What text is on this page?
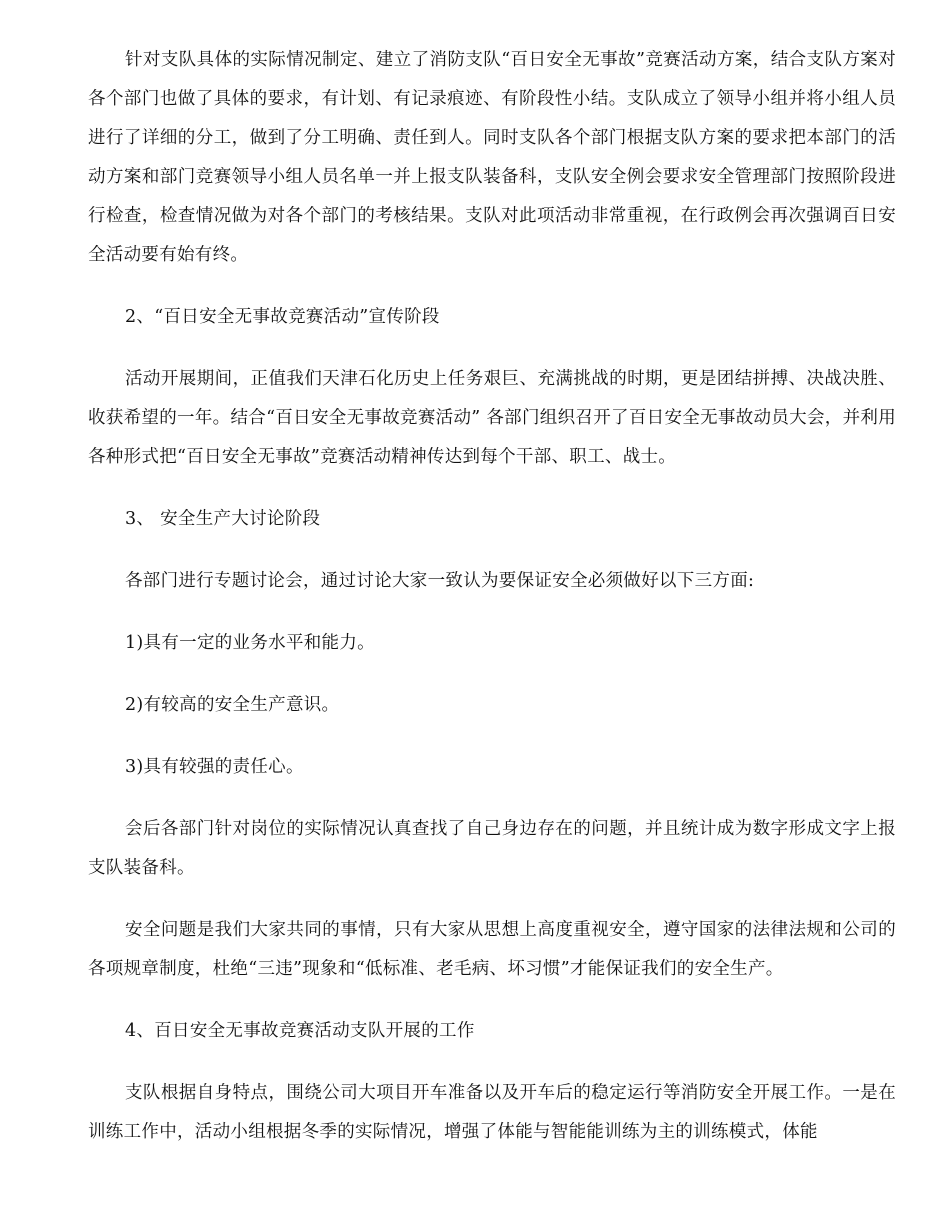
针对支队具体的实际情况制定、建立了消防支队“百日安全无事故”竞赛活动方案，结合支队方案对各个部门也做了具体的要求，有计划、有记录痕迹、有阶段性小结。支队成立了领导小组并将小组人员进行了详细的分工，做到了分工明确、责任到人。同时支队各个部门根据支队方案的要求把本部门的活动方案和部门竞赛领导小组人员名单一并上报支队装备科，支队安全例会要求安全管理部门按照阶段进行检查，检查情况做为对各个部门的考核结果。支队对此项活动非常重视，在行政例会再次强调百日安全活动要有始有终。

2、“百日安全无事故竞赛活动”宣传阶段

活动开展期间，正值我们天津石化历史上任务艰巨、充满挑战的时期，更是团结拼搏、决战决胜、收获希望的一年。结合“百日安全无事故竞赛活动” 各部门组织召开了百日安全无事故动员大会，并利用各种形式把“百日安全无事故”竞赛活动精神传达到每个干部、职工、战士。

3、 安全生产大讨论阶段

各部门进行专题讨论会，通过讨论大家一致认为要保证安全必须做好以下三方面:

1)具有一定的业务水平和能力。

2)有较高的安全生产意识。

3)具有较强的责任心。

会后各部门针对岗位的实际情况认真查找了自己身边存在的问题，并且统计成为数字形成文字上报支队装备科。

安全问题是我们大家共同的事情，只有大家从思想上高度重视安全，遵守国家的法律法规和公司的各项规章制度，杜绝“三违”现象和“低标准、老毛病、坏习惯”才能保证我们的安全生产。

4、百日安全无事故竞赛活动支队开展的工作

支队根据自身特点，围绕公司大项目开车准备以及开车后的稳定运行等消防安全开展工作。一是在训练工作中，活动小组根据冬季的实际情况，增强了体能与智能能训练为主的训练模式，体能
